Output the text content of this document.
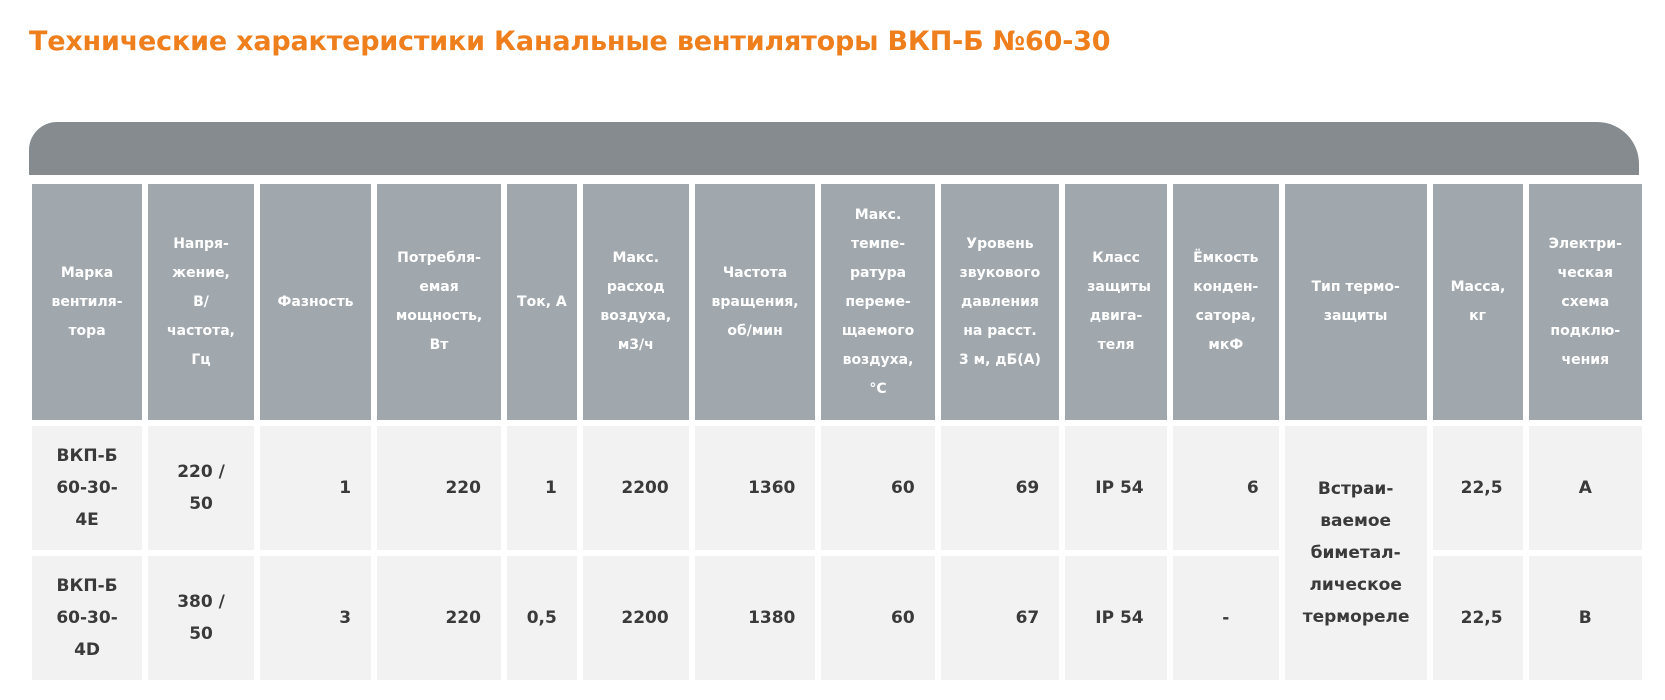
Технические характеристики Канальные вентиляторы ВКП-Б №60-30
Марка вентиля-тора	Напря-жение, В/ частота, Гц	Фазность	Потребля-емая мощность, Вт	Ток, А	Макс. расход воздуха, м3/ч	Частота вращения, об/мин	Макс. темпе-ратура переме-щаемого воздуха, °С	Уровень звукового давления на расст. 3 м, дБ(А)	Класс защиты двига-теля	Ёмкость конден-сатора, мкФ	Тип термо-защиты	Масса, кг	Электри-ческая схема подклю-чения
ВКП-Б 60-30-4Е	220 / 50	1	220	1	2200	1360	60	69	IP 54	6	Встраи-ваемое биметал-лическое термореле	22,5	А
ВКП-Б 60-30-4D	380 / 50	3	220	0,5	2200	1380	60	67	IP 54	-		22,5	В
